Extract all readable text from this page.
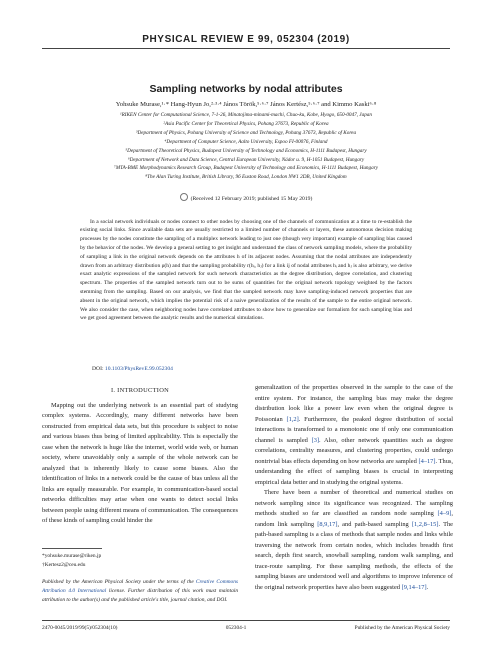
PHYSICAL REVIEW E 99, 052304 (2019)
Sampling networks by nodal attributes
Yohsuke Murase,¹·* Hang-Hyun Jo,²·³·⁴ János Török,⁵·⁶·⁷ János Kertész,⁵·⁶·⁷ and Kimmo Kaski⁶·⁸
¹RIKEN Center for Computational Science, 7-1-26, Minatojima-minami-machi, Chuo-ku, Kobe, Hyogo, 650-0047, Japan
²Asia Pacific Center for Theoretical Physics, Pohang 37673, Republic of Korea
³Department of Physics, Pohang University of Science and Technology, Pohang 37673, Republic of Korea
⁴Department of Computer Science, Aalto University, Espoo FI-00076, Finland
⁵Department of Theoretical Physics, Budapest University of Technology and Economics, H-1111 Budapest, Hungary
⁶Department of Network and Data Science, Central European University, Nádor u. 9, H-1051 Budapest, Hungary
⁷MTA-BME Morphodynamics Research Group, Budapest University of Technology and Economics, H-1111 Budapest, Hungary
⁸The Alan Turing Institute, British Library, 96 Euston Road, London NW1 2DB, United Kingdom
(Received 12 February 2019; published 15 May 2019)

In a social network individuals or nodes connect to other nodes by choosing one of the channels of communication at a time to re-establish the existing social links. Since available data sets are usually restricted to a limited number of channels or layers, these autonomous decision making processes by the nodes constitute the sampling of a multiplex network leading to just one (though very important) example of sampling bias caused by the behavior of the nodes. We develop a general setting to get insight and understand the class of network sampling models, where the probability of sampling a link in the original network depends on the attributes h of its adjacent nodes. Assuming that the nodal attributes are independently drawn from an arbitrary distribution ρ(h) and that the sampling probability r(hᵢ, hⱼ) for a link ij of nodal attributes hᵢ and hⱼ is also arbitrary, we derive exact analytic expressions of the sampled network for such network characteristics as the degree distribution, degree correlation, and clustering spectrum. The properties of the sampled network turn out to be sums of quantities for the original network topology weighted by the factors stemming from the sampling. Based on our analysis, we find that the sampled network may have sampling-induced network properties that are absent in the original network, which implies the potential risk of a naive generalization of the results of the sample to the entire original network. We also consider the case, when neighboring nodes have correlated attributes to show how to generalize our formalism for such sampling bias and we get good agreement between the analytic results and the numerical simulations.

DOI: 10.1103/PhysRevE.99.052304
I. INTRODUCTION

Mapping out the underlying network is an essential part of studying complex systems. Accordingly, many different networks have been constructed from empirical data sets, but this procedure is subject to noise and various biases thus being of limited applicability. This is especially the case when the network is huge like the internet, world wide web, or human society, where unavoidably only a sample of the whole network can be analyzed that is inherently likely to cause some biases. Also the identification of links in a network could be the cause of bias unless all the links are equally measurable. For example, in communication-based social networks difficulties may arise when one wants to detect social links between people using different means of communication. The consequences of these kinds of sampling could hinder the

generalization of the properties observed in the sample to the case of the entire system. For instance, the sampling bias may make the degree distribution look like a power law even when the original degree is Poissonian [1,2]. Furthermore, the peaked degree distribution of social interactions is transformed to a monotonic one if only one communication channel is sampled [3]. Also, other network quantities such as degree correlations, centrality measures, and clustering properties, could undergo nontrivial bias effects depending on how networks are sampled [4–17]. Thus, understanding the effect of sampling biases is crucial in interpreting empirical data better and in studying the original systems.

There have been a number of theoretical and numerical studies on network sampling since its significance was recognized. The sampling methods studied so far are classified as random node sampling [4–9], random link sampling [8,9,17], and path-based sampling [1,2,8–15]. The path-based sampling is a class of methods that sample nodes and links while traversing the network from certain nodes, which includes breadth first search, depth first search, snowball sampling, random walk sampling, and trace-route sampling. For these sampling methods, the effects of the sampling biases are understood well and algorithms to improve inference of the original network properties have also been suggested [9,14–17].

*yohsuke.murase@riken.jp
†Kertesz2@ceu.edu
Published by the American Physical Society under the terms of the Creative Commons Attribution 4.0 International license. Further distribution of this work must maintain attribution to the author(s) and the published article's title, journal citation, and DOI.
2470-0045/2019/99(5)/052304(10)	052304-1	Published by the American Physical Society
